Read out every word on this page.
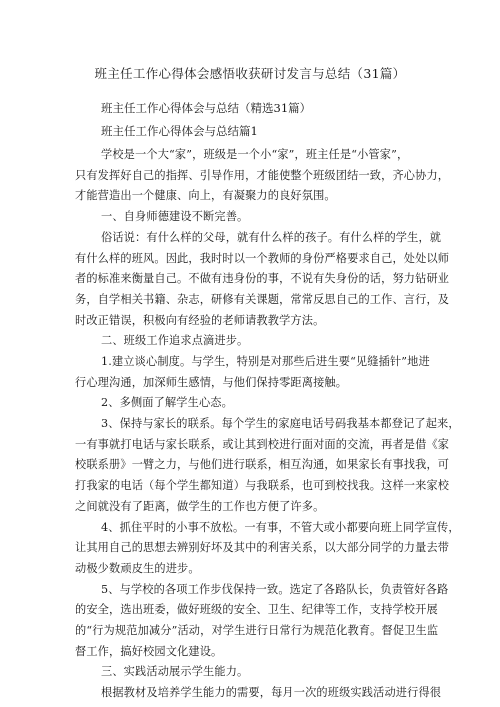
班主任工作心得体会感悟收获研讨发言与总结（31篇）
班主任工作心得体会与总结（精选31篇）
班主任工作心得体会与总结篇1
学校是一个大“家”，班级是一个小“家”，班主任是“小管家”，
只有发挥好自己的指挥、引导作用，才能使整个班级团结一致，齐心协力，
才能营造出一个健康、向上，有凝聚力的良好氛围。
一、自身师德建设不断完善。
俗话说：有什么样的父母，就有什么样的孩子。有什么样的学生，就
有什么样的班风。因此，我时时以一个教师的身份严格要求自己，处处以师
者的标准来衡量自己。不做有违身份的事，不说有失身份的话，努力钻研业
务，自学相关书籍、杂志，研修有关课题，常常反思自己的工作、言行，及
时改正错误，积极向有经验的老师请教教学方法。
二、班级工作追求点滴进步。
1.建立谈心制度。与学生，特别是对那些后进生要“见缝插针”地进
行心理沟通，加深师生感情，与他们保持零距离接触。
2、多侧面了解学生心态。
3、保持与家长的联系。每个学生的家庭电话号码我基本都登记了起来，
一有事就打电话与家长联系，或让其到校进行面对面的交流，再者是借《家
校联系册》一臂之力，与他们进行联系，相互沟通，如果家长有事找我，可
打我家的电话（每个学生都知道）与我联系，也可到校找我。这样一来家校
之间就没有了距离，做学生的工作也方便了许多。
4、抓住平时的小事不放松。一有事，不管大或小都要向班上同学宣传，
让其用自己的思想去辨别好坏及其中的利害关系，以大部分同学的力量去带
动极少数顽皮生的进步。
5、与学校的各项工作步伐保持一致。选定了各路队长，负责管好各路
的安全，选出班委，做好班级的安全、卫生、纪律等工作，支持学校开展
的“行为规范加减分”活动，对学生进行日常行为规范化教育。督促卫生监
督工作，搞好校园文化建设。
三、实践活动展示学生能力。
根据教材及培养学生能力的需要，每月一次的班级实践活动进行得很
